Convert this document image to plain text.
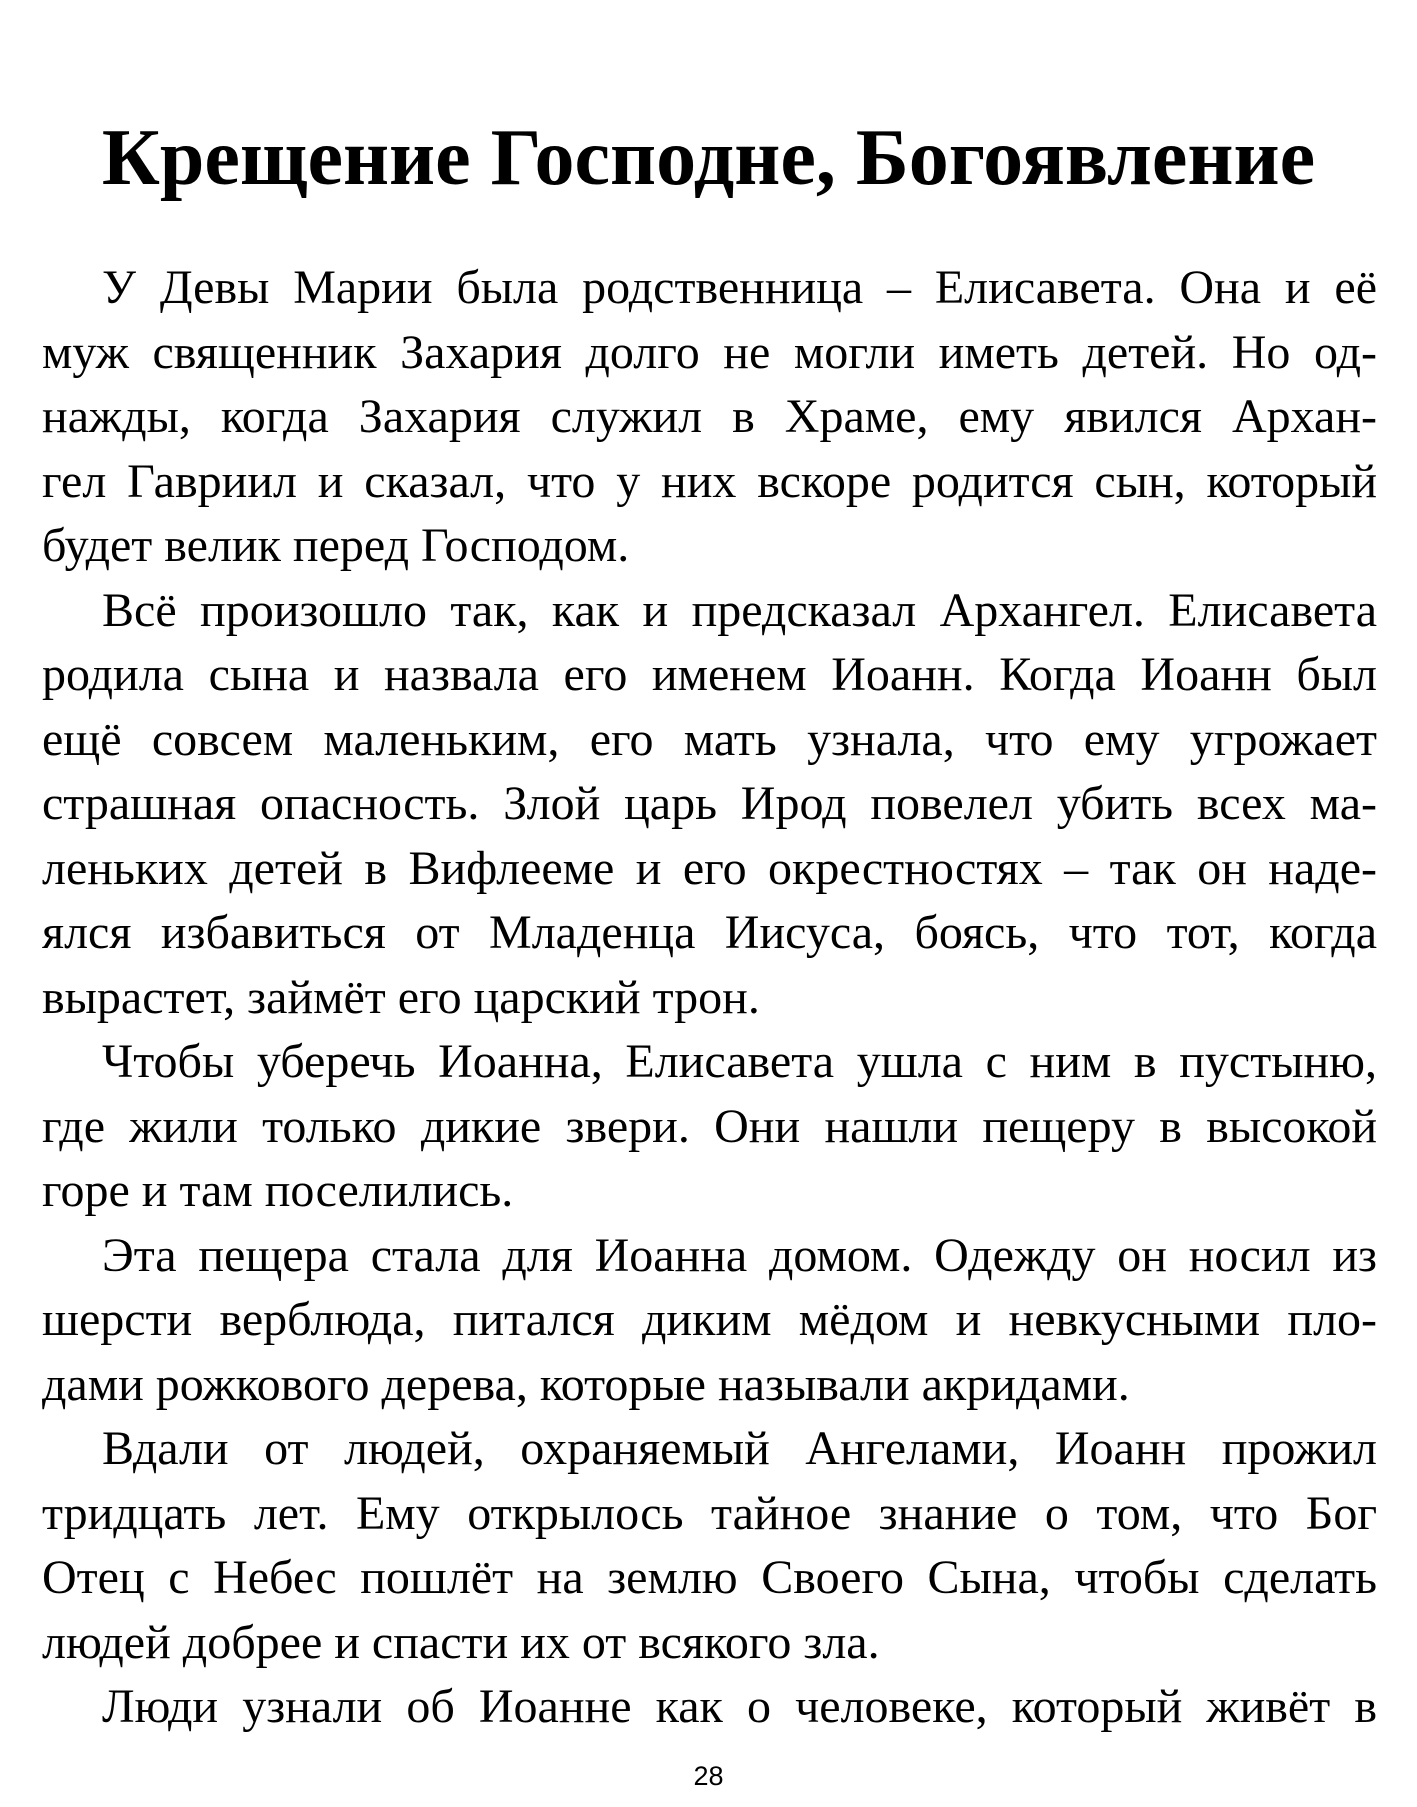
Крещение Господне, Богоявление
У Девы Марии была родственница – Елисавета. Она и её
муж священник Захария долго не могли иметь детей. Но од-
нажды, когда Захария служил в Храме, ему явился Архан-
гел Гавриил и сказал, что у них вскоре родится сын, который
будет велик перед Господом.
Всё произошло так, как и предсказал Архангел. Елисавета
родила сына и назвала его именем Иоанн. Когда Иоанн был
ещё совсем маленьким, его мать узнала, что ему угрожает
страшная опасность. Злой царь Ирод повелел убить всех ма-
леньких детей в Вифлееме и его окрестностях – так он наде-
ялся избавиться от Младенца Иисуса, боясь, что тот, когда
вырастет, займёт его царский трон.
Чтобы уберечь Иоанна, Елисавета ушла с ним в пустыню,
где жили только дикие звери. Они нашли пещеру в высокой
горе и там поселились.
Эта пещера стала для Иоанна домом. Одежду он носил из
шерсти верблюда, питался диким мёдом и невкусными пло-
дами рожкового дерева, которые называли акридами.
Вдали от людей, охраняемый Ангелами, Иоанн прожил
тридцать лет. Ему открылось тайное знание о том, что Бог
Отец с Небес пошлёт на землю Своего Сына, чтобы сделать
людей добрее и спасти их от всякого зла.
Люди узнали об Иоанне как о человеке, который живёт в
28
